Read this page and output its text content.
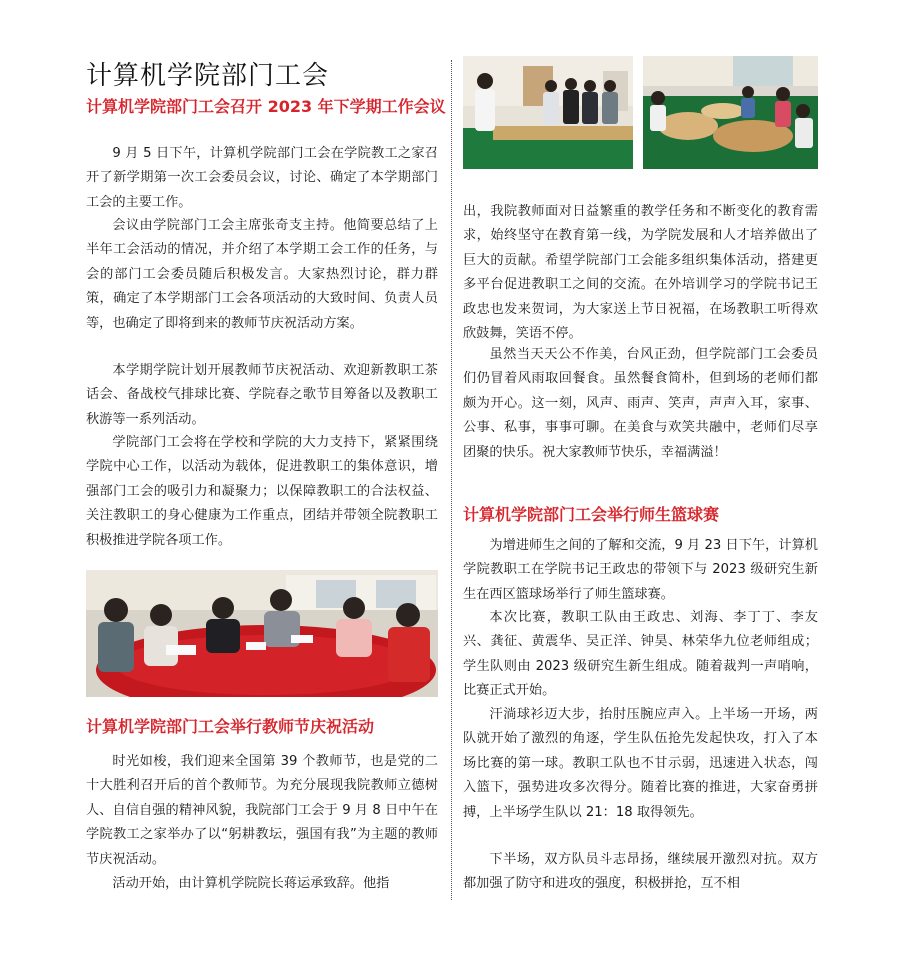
计算机学院部门工会
计算机学院部门工会召开 2023 年下学期工作会议

9 月 5 日下午，计算机学院部门工会在学院教工之家召开了新学期第一次工会委员会议，讨论、确定了本学期部门工会的主要工作。

会议由学院部门工会主席张奇支主持。他简要总结了上半年工会活动的情况，并介绍了本学期工会工作的任务，与会的部门工会委员随后积极发言。大家热烈讨论，群力群策，确定了本学期部门工会各项活动的大致时间、负责人员等，也确定了即将到来的教师节庆祝活动方案。

本学期学院计划开展教师节庆祝活动、欢迎新教职工茶话会、备战校气排球比赛、学院春之歌节目筹备以及教职工秋游等一系列活动。

学院部门工会将在学校和学院的大力支持下，紧紧围绕学院中心工作，以活动为载体，促进教职工的集体意识，增强部门工会的吸引力和凝聚力；以保障教职工的合法权益、关注教职工的身心健康为工作重点，团结并带领全院教职工积极推进学院各项工作。

计算机学院部门工会举行教师节庆祝活动

时光如梭，我们迎来全国第 39 个教师节，也是党的二十大胜利召开后的首个教师节。为充分展现我院教师立德树人、自信自强的精神风貌，我院部门工会于 9 月 8 日中午在学院教工之家举办了以“躬耕教坛，强国有我”为主题的教师节庆祝活动。

活动开始，由计算机学院院长蒋运承致辞。他指

出，我院教师面对日益繁重的教学任务和不断变化的教育需求，始终坚守在教育第一线，为学院发展和人才培养做出了巨大的贡献。希望学院部门工会能多组织集体活动，搭建更多平台促进教职工之间的交流。在外培训学习的学院书记王政忠也发来贺词，为大家送上节日祝福，在场教职工听得欢欣鼓舞，笑语不停。

虽然当天天公不作美，台风正劲，但学院部门工会委员们仍冒着风雨取回餐食。虽然餐食简朴，但到场的老师们都颇为开心。这一刻，风声、雨声、笑声，声声入耳，家事、公事、私事，事事可聊。在美食与欢笑共融中，老师们尽享团聚的快乐。祝大家教师节快乐，幸福满溢！

计算机学院部门工会举行师生篮球赛

为增进师生之间的了解和交流，9 月 23 日下午，计算机学院教职工在学院书记王政忠的带领下与 2023 级研究生新生在西区篮球场举行了师生篮球赛。

本次比赛，教职工队由王政忠、刘海、李丁丁、李友兴、龚征、黄震华、吴正洋、钟昊、林荣华九位老师组成；学生队则由 2023 级研究生新生组成。随着裁判一声哨响，比赛正式开始。

汗淌球衫迈大步，抬肘压腕应声入。上半场一开场，两队就开始了激烈的角逐，学生队伍抢先发起快攻，打入了本场比赛的第一球。教职工队也不甘示弱，迅速进入状态，闯入篮下，强势进攻多次得分。随着比赛的推进，大家奋勇拼搏，上半场学生队以 21：18 取得领先。

下半场，双方队员斗志昂扬，继续展开激烈对抗。双方都加强了防守和进攻的强度，积极拼抢，互不相
